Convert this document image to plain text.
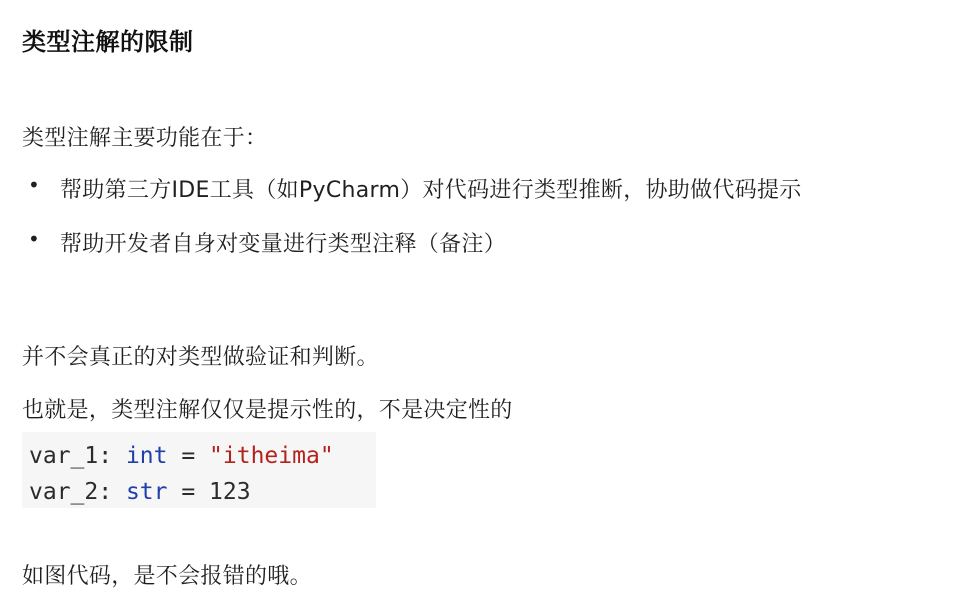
类型注解的限制

类型注解主要功能在于：

• 帮助第三方IDE工具（如PyCharm）对代码进行类型推断，协助做代码提示
• 帮助开发者自身对变量进行类型注释（备注）

并不会真正的对类型做验证和判断。

也就是，类型注解仅仅是提示性的，不是决定性的

var_1: int = "itheima"
var_2: str = 123

如图代码，是不会报错的哦。
